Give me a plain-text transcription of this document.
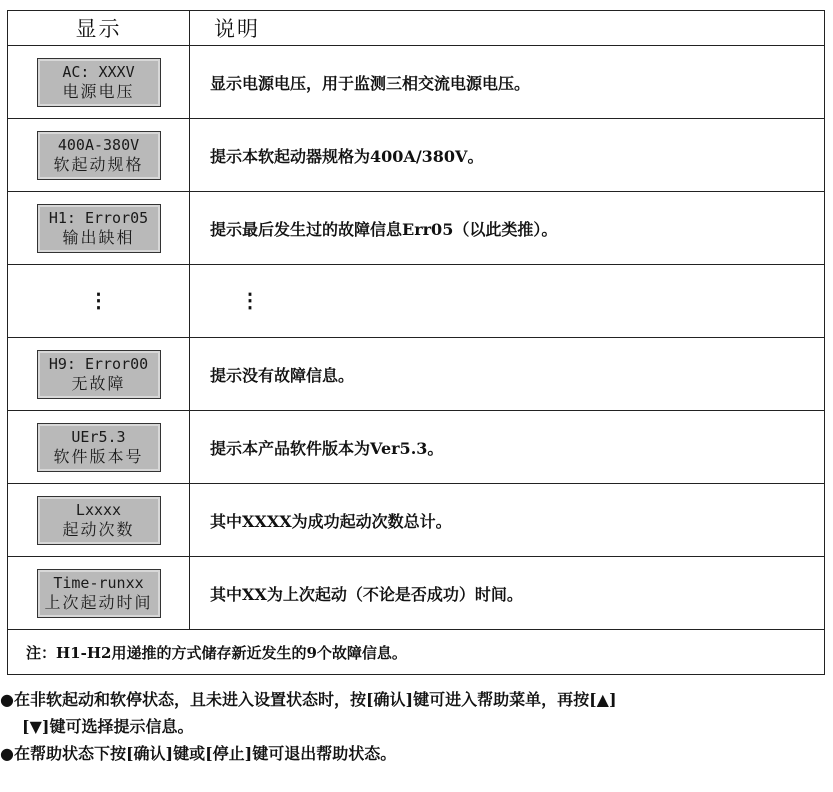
显示	说明

AC: XXXV
电源电压	显示电源电压，用于监测三相交流电源电压。

400A-380V
软起动规格	提示本软起动器规格为400A/380V。

H1: Error05
输出缺相	提示最后发生过的故障信息Err05（以此类推）。
⋮	⋮

H9: Error00
无故障	提示没有故障信息。

UEr5.3
软件版本号	提示本产品软件版本为Ver5.3。

Lxxxx
起动次数	其中XXXX为成功起动次数总计。

Time-runxx
上次起动时间	其中XX为上次起动（不论是否成功）时间。
注：H1-H2用递推的方式储存新近发生的9个故障信息。	
●在非软起动和软停状态，且未进入设置状态时，按[确认]键可进入帮助菜单，再按[▲]
[▼]键可选择提示信息。
●在帮助状态下按[确认]键或[停止]键可退出帮助状态。
